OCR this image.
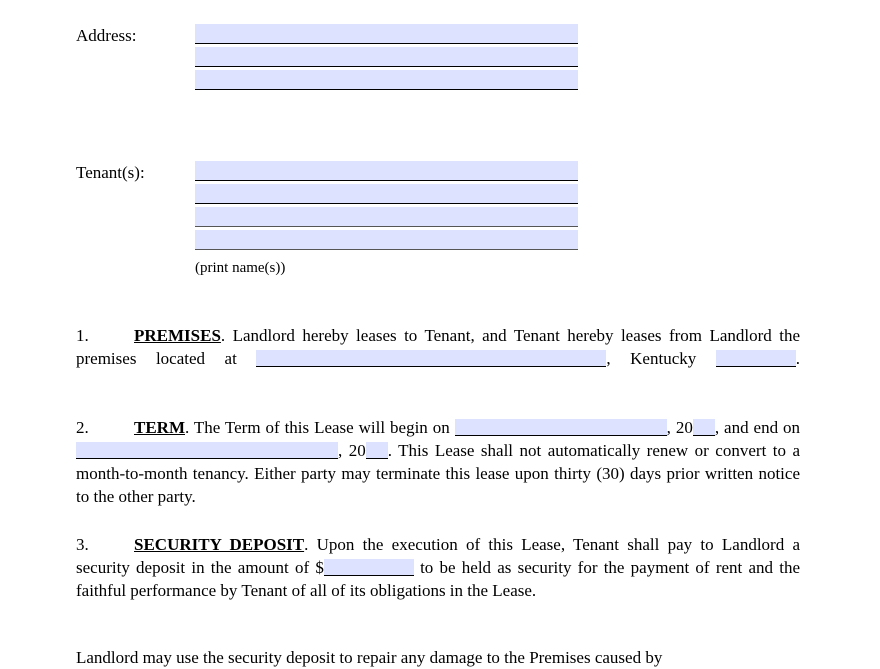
Address:
Tenant(s):
(print name(s))
1.	PREMISES. Landlord hereby leases to Tenant, and Tenant hereby leases from Landlord the premises located at	, Kentucky	.
2.	TERM. The Term of this Lease will begin on	, 20 , and end on , 20 . This Lease shall not automatically renew or convert to a month-to-month tenancy. Either party may terminate this lease upon thirty (30) days prior written notice to the other party.
3.	SECURITY DEPOSIT. Upon the execution of this Lease, Tenant shall pay to Landlord a security deposit in the amount of $	to be held as security for the payment of rent and the faithful performance by Tenant of all of its obligations in the Lease.
Landlord may use the security deposit to repair any damage to the Premises caused by
